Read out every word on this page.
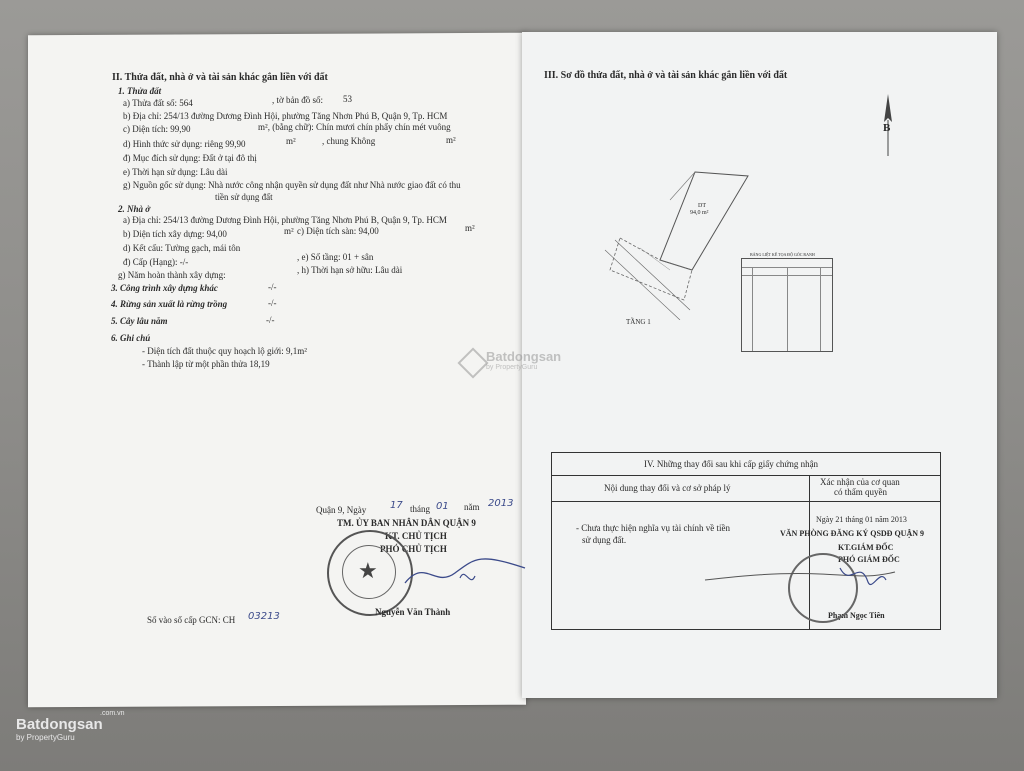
II. Thửa đất, nhà ở và tài sản khác gắn liền với đất
1. Thửa đất
a) Thửa đất số: 564	, tờ bản đồ số: 53
b) Địa chỉ: 254/13 đường Dương Đình Hội, phường Tăng Nhơn Phú B, Quận 9, Tp. HCM
c) Diện tích: 99,90	m², (bằng chữ): Chín mươi chín phẩy chín mét vuông
d) Hình thức sử dụng: riêng 99,90	m²	, chung Không	m²
đ) Mục đích sử dụng: Đất ở tại đô thị
e) Thời hạn sử dụng: Lâu dài
g) Nguồn gốc sử dụng: Nhà nước công nhận quyền sử dụng đất như Nhà nước giao đất có thu
tiền sử dụng đất
2. Nhà ở
a) Địa chỉ: 254/13 đường Dương Đình Hội, phường Tăng Nhơn Phú B, Quận 9, Tp. HCM
b) Diện tích xây dựng: 94,00	m² c) Diện tích sàn: 94,00	m²
d) Kết cấu: Tường gạch, mái tôn
đ) Cấp (Hạng): -/-	, e) Số tầng: 01 + sân
g) Năm hoàn thành xây dựng:	, h) Thời hạn sở hữu: Lâu dài
3. Công trình xây dựng khác	-/-
4. Rừng sản xuất là rừng trồng	-/-
5. Cây lâu năm	-/-
6. Ghi chú
- Diện tích đất thuộc quy hoạch lộ giới: 9,1m²
- Thành lập từ một phần thửa 18,19
Quận 9, Ngày 17 tháng 01 năm 2013
TM. ỦY BAN NHÂN DÂN QUẬN 9
KT. CHỦ TỊCH
PHÓ CHỦ TỊCH
★
Nguyễn Văn Thành
Số vào sổ cấp GCN: CH 03213
III. Sơ đồ thửa đất, nhà ở và tài sản khác gắn liền với đất
B
DT
94,0 m²
TẦNG 1
BẢNG LIỆT KÊ TỌA ĐỘ GÓC RANH
IV. Những thay đổi sau khi cấp giấy chứng nhận
Nội dung thay đổi và cơ sở pháp lý
Xác nhận của cơ quan
có thẩm quyền
- Chưa thực hiện nghĩa vụ tài chính về tiền
sử dụng đất.
Ngày 21 tháng 01 năm 2013
VĂN PHÒNG ĐĂNG KÝ QSDĐ QUẬN 9
KT.GIÁM ĐỐC
PHÓ GIÁM ĐỐC
Phạm Ngọc Tiên
Batdongsan
by PropertyGuru
.com.vn
Batdongsan
by PropertyGuru
